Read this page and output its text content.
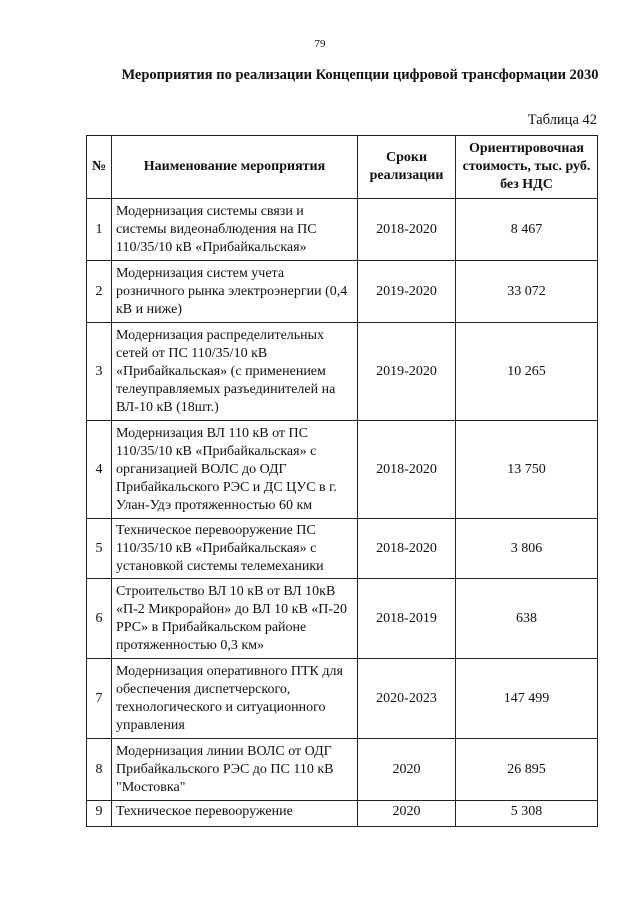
79
Мероприятия по реализации Концепции цифровой трансформации 2030
Таблица 42
№	Наименование мероприятия	Сроки реализации	Ориентировочная стоимость, тыс. руб. без НДС
1	Модернизация системы связи и системы видеонаблюдения на ПС 110/35/10 кВ «Прибайкальская»	2018-2020	8 467
2	Модернизация систем учета розничного рынка электроэнергии (0,4 кВ и ниже)	2019-2020	33 072
3	Модернизация распределительных сетей от ПС 110/35/10 кВ «Прибайкальская» (с применением телеуправляемых разъединителей на ВЛ-10 кВ (18шт.)	2019-2020	10 265
4	Модернизация ВЛ 110 кВ от ПС 110/35/10 кВ «Прибайкальская» с организацией ВОЛС до ОДГ Прибайкальского РЭС и ДС ЦУС в г. Улан-Удэ протяженностью 60 км	2018-2020	13 750
5	Техническое перевооружение ПС 110/35/10 кВ «Прибайкальская» с установкой системы телемеханики	2018-2020	3 806
6	Строительство ВЛ 10 кВ от ВЛ 10кВ «П-2 Микрорайон» до ВЛ 10 кВ «П-20 РРС» в Прибайкальском районе протяженностью 0,3 км»	2018-2019	638
7	Модернизация оперативного ПТК для обеспечения диспетчерского, технологического и ситуационного управления	2020-2023	147 499
8	Модернизация линии ВОЛС от ОДГ Прибайкальского РЭС до ПС 110 кВ "Мостовка"	2020	26 895
9	Техническое перевооружение	2020	5 308
